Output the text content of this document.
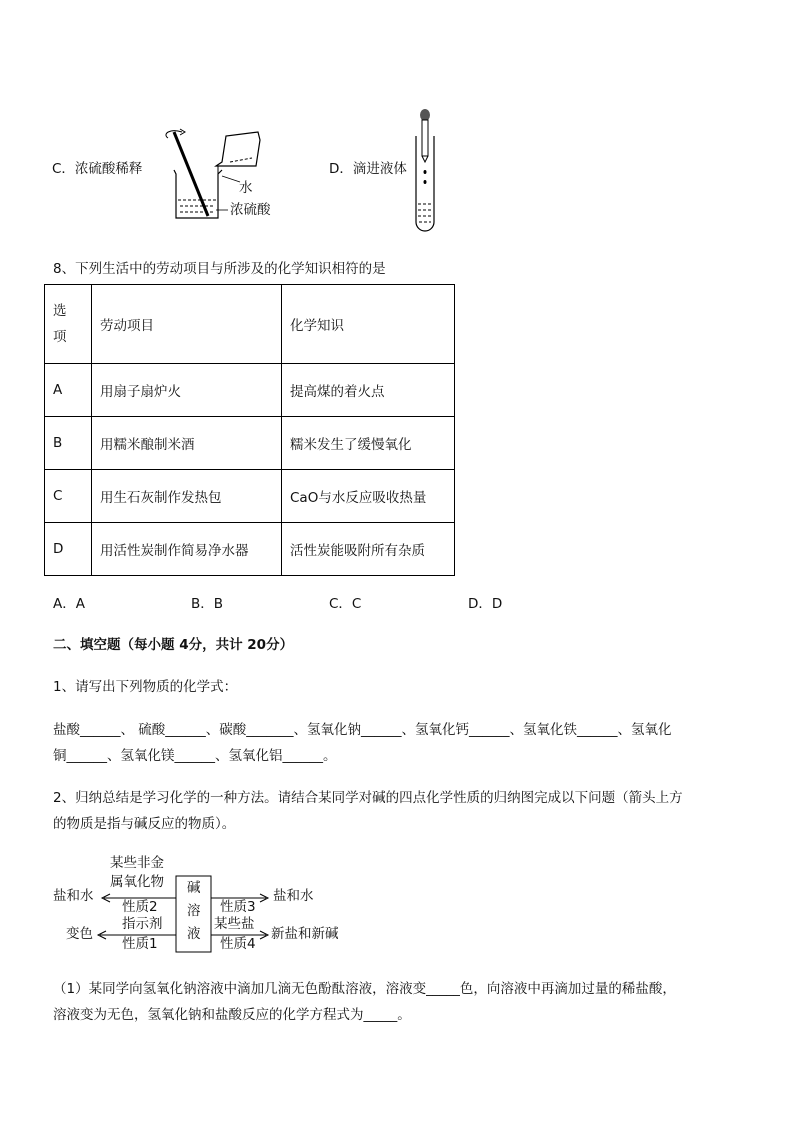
C．浓硫酸稀释
水
浓硫酸
D．滴进液体
8、下列生活中的劳动项目与所涉及的化学知识相符的是
选
项	劳动项目	化学知识
A	用扇子扇炉火	提高煤的着火点
B	用糯米酿制米酒	糯米发生了缓慢氧化
C	用生石灰制作发热包	CaO与水反应吸收热量
D	用活性炭制作简易净水器	活性炭能吸附所有杂质
A．A	B．B	C．C	D．D
二、填空题（每小题 4分，共计 20分）
1、请写出下列物质的化学式：
盐酸______、 硫酸______、碳酸_______、氢氧化钠______、氢氧化钙______、氢氧化铁______、氢氧化
铜______、氢氧化镁______、氢氧化铝______。
2、归纳总结是学习化学的一种方法。请结合某同学对碱的四点化学性质的归纳图完成以下问题（箭头上方
的物质是指与碱反应的物质）。
某些非金
属氧化物
盐和水
性质2
指示剂
变色
性质1
碱
溶
液
性质3
盐和水
某些盐
性质4
新盐和新碱
（1）某同学向氢氧化钠溶液中滴加几滴无色酚酞溶液，溶液变_____色，向溶液中再滴加过量的稀盐酸，
溶液变为无色，氢氧化钠和盐酸反应的化学方程式为_____。
